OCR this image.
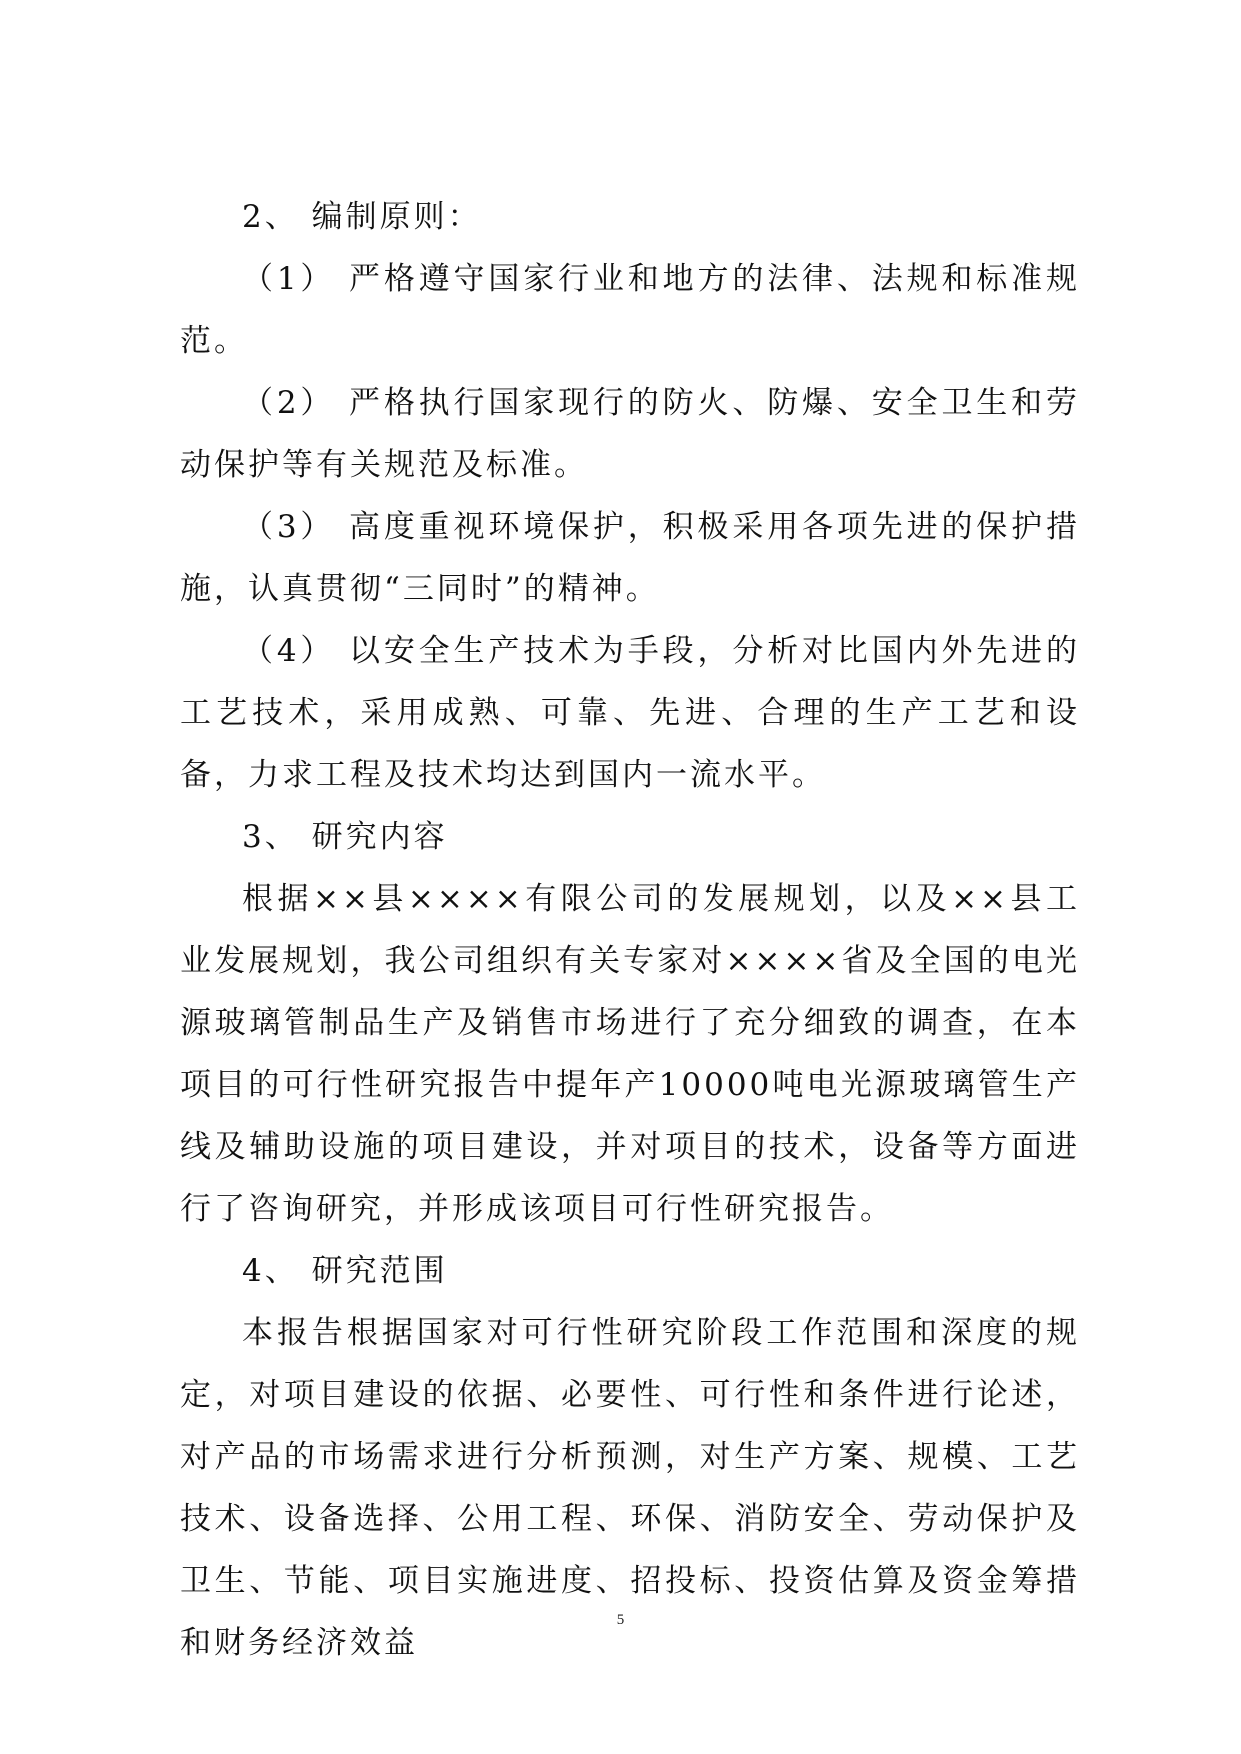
2、 编制原则：

（1） 严格遵守国家行业和地方的法律、法规和标准规范。

（2） 严格执行国家现行的防火、防爆、安全卫生和劳动保护等有关规范及标准。

（3） 高度重视环境保护，积极采用各项先进的保护措施，认真贯彻“三同时”的精神。

（4） 以安全生产技术为手段，分析对比国内外先进的工艺技术，采用成熟、可靠、先进、合理的生产工艺和设备，力求工程及技术均达到国内一流水平。

3、 研究内容

根据××县××××有限公司的发展规划，以及××县工业发展规划，我公司组织有关专家对××××省及全国的电光源玻璃管制品生产及销售市场进行了充分细致的调查，在本项目的可行性研究报告中提年产10000吨电光源玻璃管生产线及辅助设施的项目建设，并对项目的技术，设备等方面进行了咨询研究，并形成该项目可行性研究报告。

4、 研究范围

本报告根据国家对可行性研究阶段工作范围和深度的规定，对项目建设的依据、必要性、可行性和条件进行论述，对产品的市场需求进行分析预测，对生产方案、规模、工艺技术、设备选择、公用工程、环保、消防安全、劳动保护及卫生、节能、项目实施进度、招投标、投资估算及资金筹措和财务经济效益

5
